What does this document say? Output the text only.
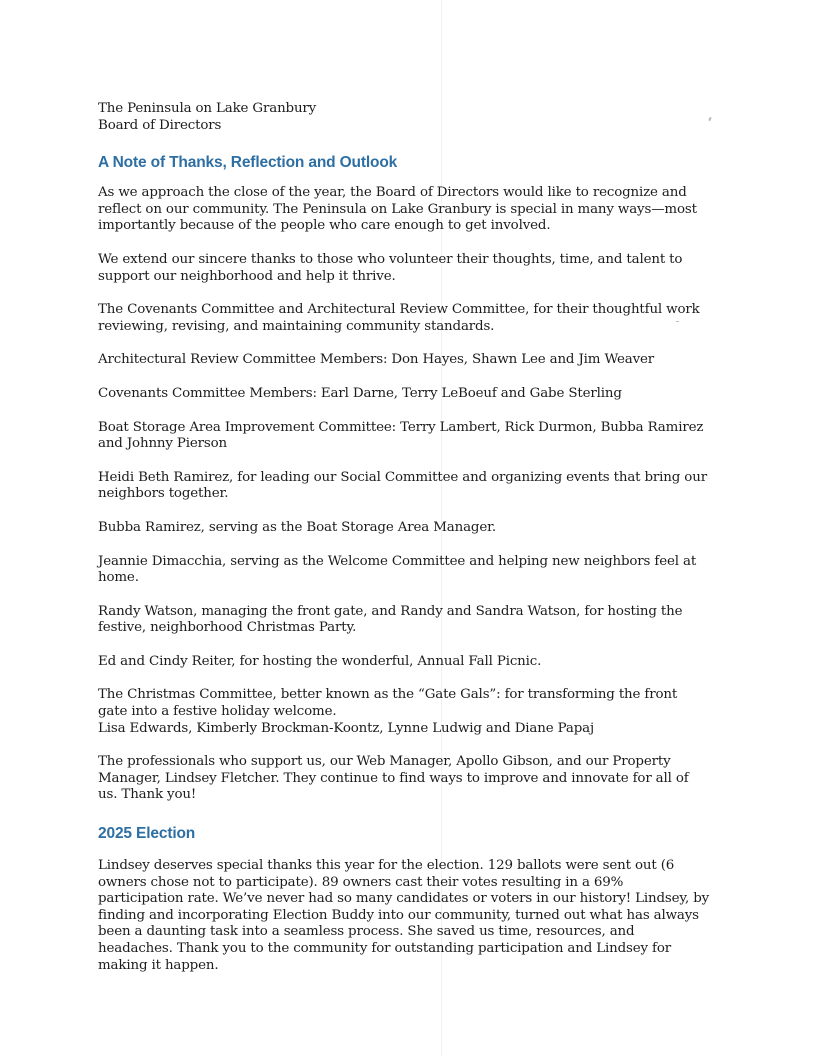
The Peninsula on Lake Granbury
Board of Directors

A Note of Thanks, Reflection and Outlook

As we approach the close of the year, the Board of Directors would like to recognize and reflect on our community. The Peninsula on Lake Granbury is special in many ways—most importantly because of the people who care enough to get involved.

We extend our sincere thanks to those who volunteer their thoughts, time, and talent to support our neighborhood and help it thrive.

The Covenants Committee and Architectural Review Committee, for their thoughtful work reviewing, revising, and maintaining community standards.

Architectural Review Committee Members: Don Hayes, Shawn Lee and Jim Weaver

Covenants Committee Members: Earl Darne, Terry LeBoeuf and Gabe Sterling

Boat Storage Area Improvement Committee: Terry Lambert, Rick Durmon, Bubba Ramirez and Johnny Pierson

Heidi Beth Ramirez, for leading our Social Committee and organizing events that bring our neighbors together.

Bubba Ramirez, serving as the Boat Storage Area Manager.

Jeannie Dimacchia, serving as the Welcome Committee and helping new neighbors feel at home.

Randy Watson, managing the front gate, and Randy and Sandra Watson, for hosting the festive, neighborhood Christmas Party.

Ed and Cindy Reiter, for hosting the wonderful, Annual Fall Picnic.

The Christmas Committee, better known as the “Gate Gals”: for transforming the front gate into a festive holiday welcome.
Lisa Edwards, Kimberly Brockman-Koontz, Lynne Ludwig and Diane Papaj

The professionals who support us, our Web Manager, Apollo Gibson, and our Property Manager, Lindsey Fletcher. They continue to find ways to improve and innovate for all of us. Thank you!

2025 Election

Lindsey deserves special thanks this year for the election. 129 ballots were sent out (6 owners chose not to participate). 89 owners cast their votes resulting in a 69% participation rate. We’ve never had so many candidates or voters in our history! Lindsey, by finding and incorporating Election Buddy into our community, turned out what has always been a daunting task into a seamless process. She saved us time, resources, and headaches. Thank you to the community for outstanding participation and Lindsey for making it happen.
